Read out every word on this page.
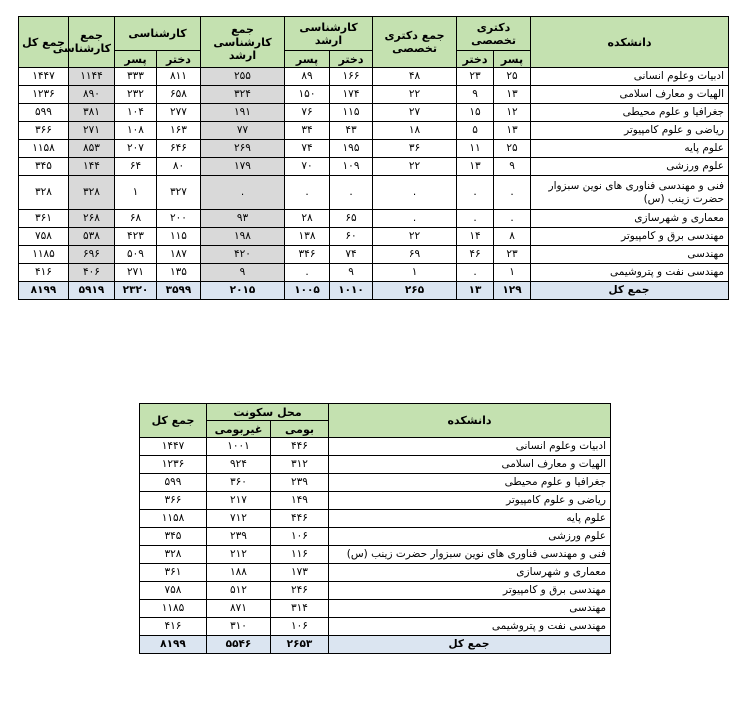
دانشکده	دکتری تخصصی		جمع دکتری تخصصی	کارشناسی ارشد		جمع کارشناسی ارشد	کارشناسی		جمع کارشناسی	جمع کل
	پسر	دختر		دختر	پسر		دختر	پسر		
ادبیات وعلوم انسانی	۲۵	۲۳	۴۸	۱۶۶	۸۹	۲۵۵	۸۱۱	۳۳۳	۱۱۴۴	۱۴۴۷
الهیات و معارف اسلامی	۱۳	۹	۲۲	۱۷۴	۱۵۰	۳۲۴	۶۵۸	۲۳۲	۸۹۰	۱۲۳۶
جغرافیا و علوم محیطی	۱۲	۱۵	۲۷	۱۱۵	۷۶	۱۹۱	۲۷۷	۱۰۴	۳۸۱	۵۹۹
ریاضی و علوم کامپیوتر	۱۳	۵	۱۸	۴۳	۳۴	۷۷	۱۶۳	۱۰۸	۲۷۱	۳۶۶
علوم پایه	۲۵	۱۱	۳۶	۱۹۵	۷۴	۲۶۹	۶۴۶	۲۰۷	۸۵۳	۱۱۵۸
علوم ورزشی	۹	۱۳	۲۲	۱۰۹	۷۰	۱۷۹	۸۰	۶۴	۱۴۴	۳۴۵
فنی و مهندسی فناوری های نوین سبزوار حضرت زینب (س)	.	.	.	.	.	.	۳۲۷	۱	۳۲۸	۳۲۸
معماری و شهرسازی	.	.	.	۶۵	۲۸	۹۳	۲۰۰	۶۸	۲۶۸	۳۶۱
مهندسی برق و کامپیوتر	۸	۱۴	۲۲	۶۰	۱۳۸	۱۹۸	۱۱۵	۴۲۳	۵۳۸	۷۵۸
مهندسی	۲۳	۴۶	۶۹	۷۴	۳۴۶	۴۲۰	۱۸۷	۵۰۹	۶۹۶	۱۱۸۵
مهندسی نفت و پتروشیمی	۱	.	۱	۹	.	۹	۱۳۵	۲۷۱	۴۰۶	۴۱۶
جمع کل	۱۲۹	۱۳	۲۶۵	۱۰۱۰	۱۰۰۵	۲۰۱۵	۳۵۹۹	۲۳۲۰	۵۹۱۹	۸۱۹۹
دانشکده	محل سکونت		جمع کل
	بومی	غیربومی	
ادبیات وعلوم انسانی	۴۴۶	۱۰۰۱	۱۴۴۷
الهیات و معارف اسلامی	۳۱۲	۹۲۴	۱۲۳۶
جغرافیا و علوم محیطی	۲۳۹	۳۶۰	۵۹۹
ریاضی و علوم کامپیوتر	۱۴۹	۲۱۷	۳۶۶
علوم پایه	۴۴۶	۷۱۲	۱۱۵۸
علوم ورزشی	۱۰۶	۲۳۹	۳۴۵
فنی و مهندسی فناوری های نوین سبزوار حضرت زینب (س)	۱۱۶	۲۱۲	۳۲۸
معماری و شهرسازی	۱۷۳	۱۸۸	۳۶۱
مهندسی برق و کامپیوتر	۲۴۶	۵۱۲	۷۵۸
مهندسی	۳۱۴	۸۷۱	۱۱۸۵
مهندسی نفت و پتروشیمی	۱۰۶	۳۱۰	۴۱۶
جمع کل	۲۶۵۳	۵۵۴۶	۸۱۹۹
